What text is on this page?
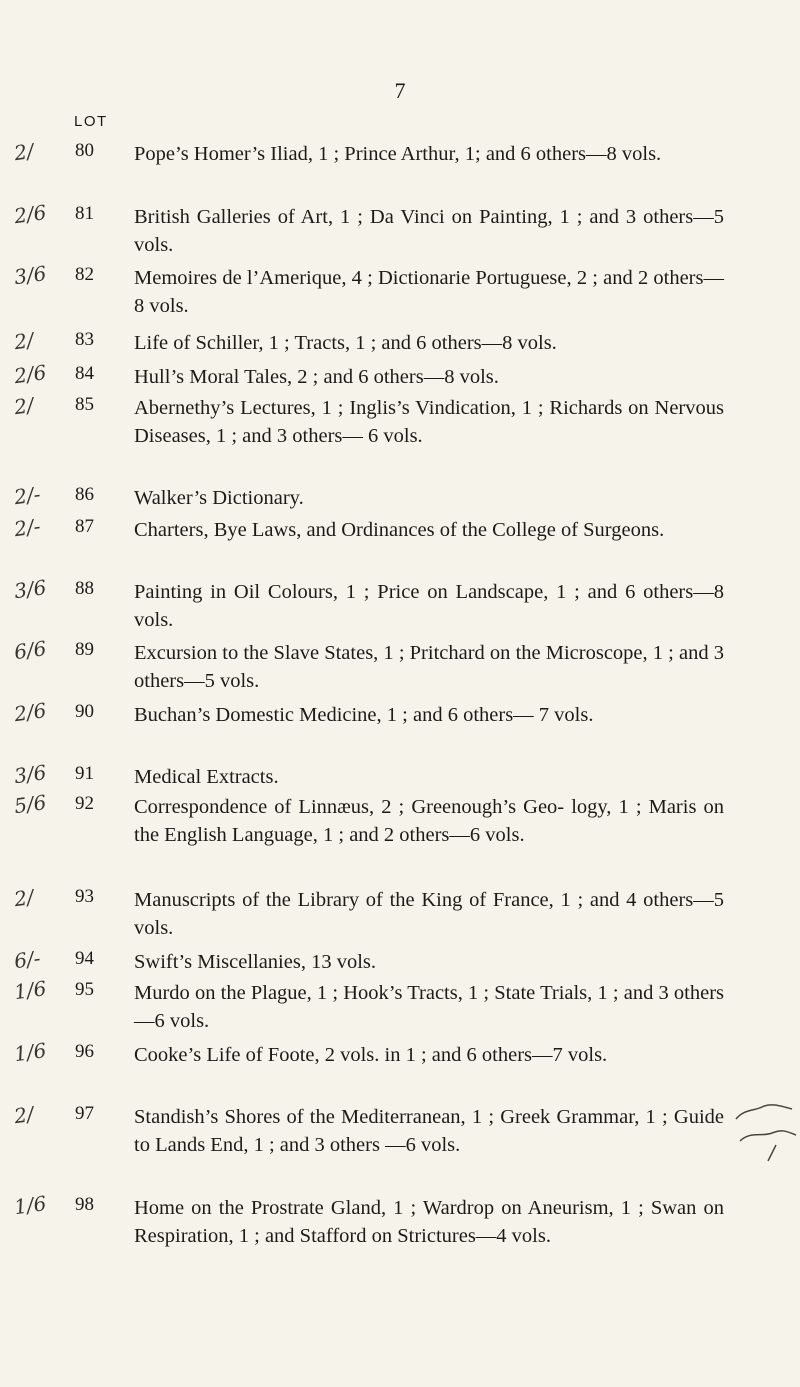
7
LOT
2/	80	Pope’s Homer’s Iliad, 1 ; Prince Arthur, 1; and 6 others—8 vols.
2/6	81	British Galleries of Art, 1 ; Da Vinci on Painting, 1 ; and 3 others—5 vols.
3/6	82	Memoires de l’Amerique, 4 ; Dictionarie Portuguese, 2 ; and 2 others—8 vols.
2/	83	Life of Schiller, 1 ; Tracts, 1 ; and 6 others—8 vols.
2/6	84	Hull’s Moral Tales, 2 ; and 6 others—8 vols.
2/	85	Abernethy’s Lectures, 1 ; Inglis’s Vindication, 1 ; Richards on Nervous Diseases, 1 ; and 3 others— 6 vols.
2/-	86	Walker’s Dictionary.
2/-	87	Charters, Bye Laws, and Ordinances of the College of Surgeons.
3/6	88	Painting in Oil Colours, 1 ; Price on Landscape, 1 ; and 6 others—8 vols.
6/6	89	Excursion to the Slave States, 1 ; Pritchard on the Microscope, 1 ; and 3 others—5 vols.
2/6	90	Buchan’s Domestic Medicine, 1 ; and 6 others— 7 vols.
3/6	91	Medical Extracts.
5/6	92	Correspondence of Linnæus, 2 ; Greenough’s Geo- logy, 1 ; Maris on the English Language, 1 ; and 2 others—6 vols.
2/	93	Manuscripts of the Library of the King of France, 1 ; and 4 others—5 vols.
6/-	94	Swift’s Miscellanies, 13 vols.
1/6	95	Murdo on the Plague, 1 ; Hook’s Tracts, 1 ; State Trials, 1 ; and 3 others—6 vols.
1/6	96	Cooke’s Life of Foote, 2 vols. in 1 ; and 6 others—7 vols.
2/	97	Standish’s Shores of the Mediterranean, 1 ; Greek Grammar, 1 ; Guide to Lands End, 1 ; and 3 others —6 vols.
1/6	98	Home on the Prostrate Gland, 1 ; Wardrop on Aneurism, 1 ; Swan on Respiration, 1 ; and Stafford on Strictures—4 vols.
